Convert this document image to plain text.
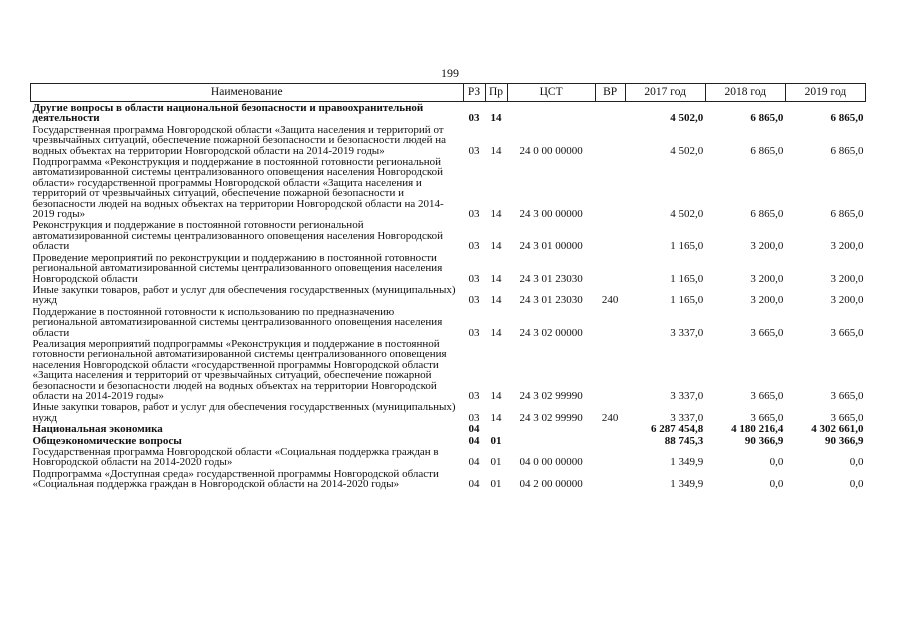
199
Наименование	РЗ	Пр	ЦСТ	ВР	2017 год	2018 год	2019 год
Другие вопросы в области национальной безопасности и правоохранительной деятельности	03	14			4 502,0	6 865,0	6 865,0
Государственная программа Новгородской области «Защита населения и территорий от чрезвычайных ситуаций, обеспечение пожарной безопасности и безопасности людей на водных объектах на территории Новгородской области на 2014-2019 годы»	03	14	24 0 00 00000		4 502,0	6 865,0	6 865,0
Подпрограмма «Реконструкция и поддержание в постоянной готовности региональной автоматизированной системы централизованного оповещения населения Новгородской области» государственной программы Новгородской области «Защита населения и территорий от чрезвычайных ситуаций, обеспечение пожарной безопасности и безопасности людей на водных объектах на территории Новгородской области на 2014-2019 годы»	03	14	24 3 00 00000		4 502,0	6 865,0	6 865,0
Реконструкция и поддержание в постоянной готовности региональной автоматизированной системы централизованного оповещения населения Новгородской области	03	14	24 3 01 00000		1 165,0	3 200,0	3 200,0
Проведение мероприятий по реконструкции и поддержанию в постоянной готовности региональной автоматизированной системы централизованного оповещения населения Новгородской области	03	14	24 3 01 23030		1 165,0	3 200,0	3 200,0
Иные закупки товаров, работ и услуг для обеспечения государственных (муниципальных) нужд	03	14	24 3 01 23030	240	1 165,0	3 200,0	3 200,0
Поддержание в постоянной готовности к использованию по предназначению региональной автоматизированной системы централизованного оповещения населения области	03	14	24 3 02 00000		3 337,0	3 665,0	3 665,0
Реализация мероприятий подпрограммы «Реконструкция и поддержание в постоянной готовности региональной автоматизированной системы централизованного оповещения населения Новгородской области «государственной программы Новгородской области «Защита населения и территорий от чрезвычайных ситуаций, обеспечение пожарной безопасности и безопасности людей на водных объектах на территории Новгородской области на 2014-2019 годы»	03	14	24 3 02 99990		3 337,0	3 665,0	3 665,0
Иные закупки товаров, работ и услуг для обеспечения государственных (муниципальных) нужд	03	14	24 3 02 99990	240	3 337,0	3 665,0	3 665,0
Национальная экономика	04				6 287 454,8	4 180 216,4	4 302 661,0
Общеэкономические вопросы	04	01			88 745,3	90 366,9	90 366,9
Государственная программа Новгородской области «Социальная поддержка граждан в Новгородской области на 2014-2020 годы»	04	01	04 0 00 00000		1 349,9	0,0	0,0
Подпрограмма «Доступная среда» государственной программы Новгородской области «Социальная поддержка граждан в Новгородской области на 2014-2020 годы»	04	01	04 2 00 00000		1 349,9	0,0	0,0
